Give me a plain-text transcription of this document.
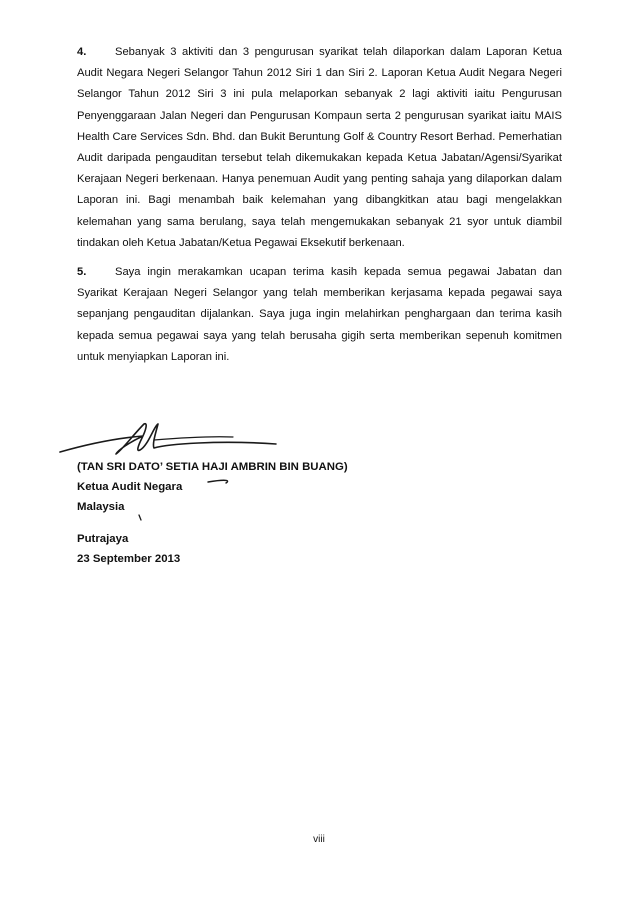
4.	Sebanyak 3 aktiviti dan 3 pengurusan syarikat telah dilaporkan dalam Laporan Ketua Audit Negara Negeri Selangor Tahun 2012 Siri 1 dan Siri 2. Laporan Ketua Audit Negara Negeri Selangor Tahun 2012 Siri 3 ini pula melaporkan sebanyak 2 lagi aktiviti iaitu Pengurusan Penyenggaraan Jalan Negeri dan Pengurusan Kompaun serta 2 pengurusan syarikat iaitu MAIS Health Care Services Sdn. Bhd. dan Bukit Beruntung Golf & Country Resort Berhad. Pemerhatian Audit daripada pengauditan tersebut telah dikemukakan kepada Ketua Jabatan/Agensi/Syarikat Kerajaan Negeri berkenaan. Hanya penemuan Audit yang penting sahaja yang dilaporkan dalam Laporan ini. Bagi menambah baik kelemahan yang dibangkitkan atau bagi mengelakkan kelemahan yang sama berulang, saya telah mengemukakan sebanyak 21 syor untuk diambil tindakan oleh Ketua Jabatan/Ketua Pegawai Eksekutif berkenaan.

5.	Saya ingin merakamkan ucapan terima kasih kepada semua pegawai Jabatan dan Syarikat Kerajaan Negeri Selangor yang telah memberikan kerjasama kepada pegawai saya sepanjang pengauditan dijalankan. Saya juga ingin melahirkan penghargaan dan terima kasih kepada semua pegawai saya yang telah berusaha gigih serta memberikan sepenuh komitmen untuk menyiapkan Laporan ini.

(TAN SRI DATO’ SETIA HAJI AMBRIN BIN BUANG)

Ketua Audit Negara

Malaysia

Putrajaya

23 September 2013

viii
